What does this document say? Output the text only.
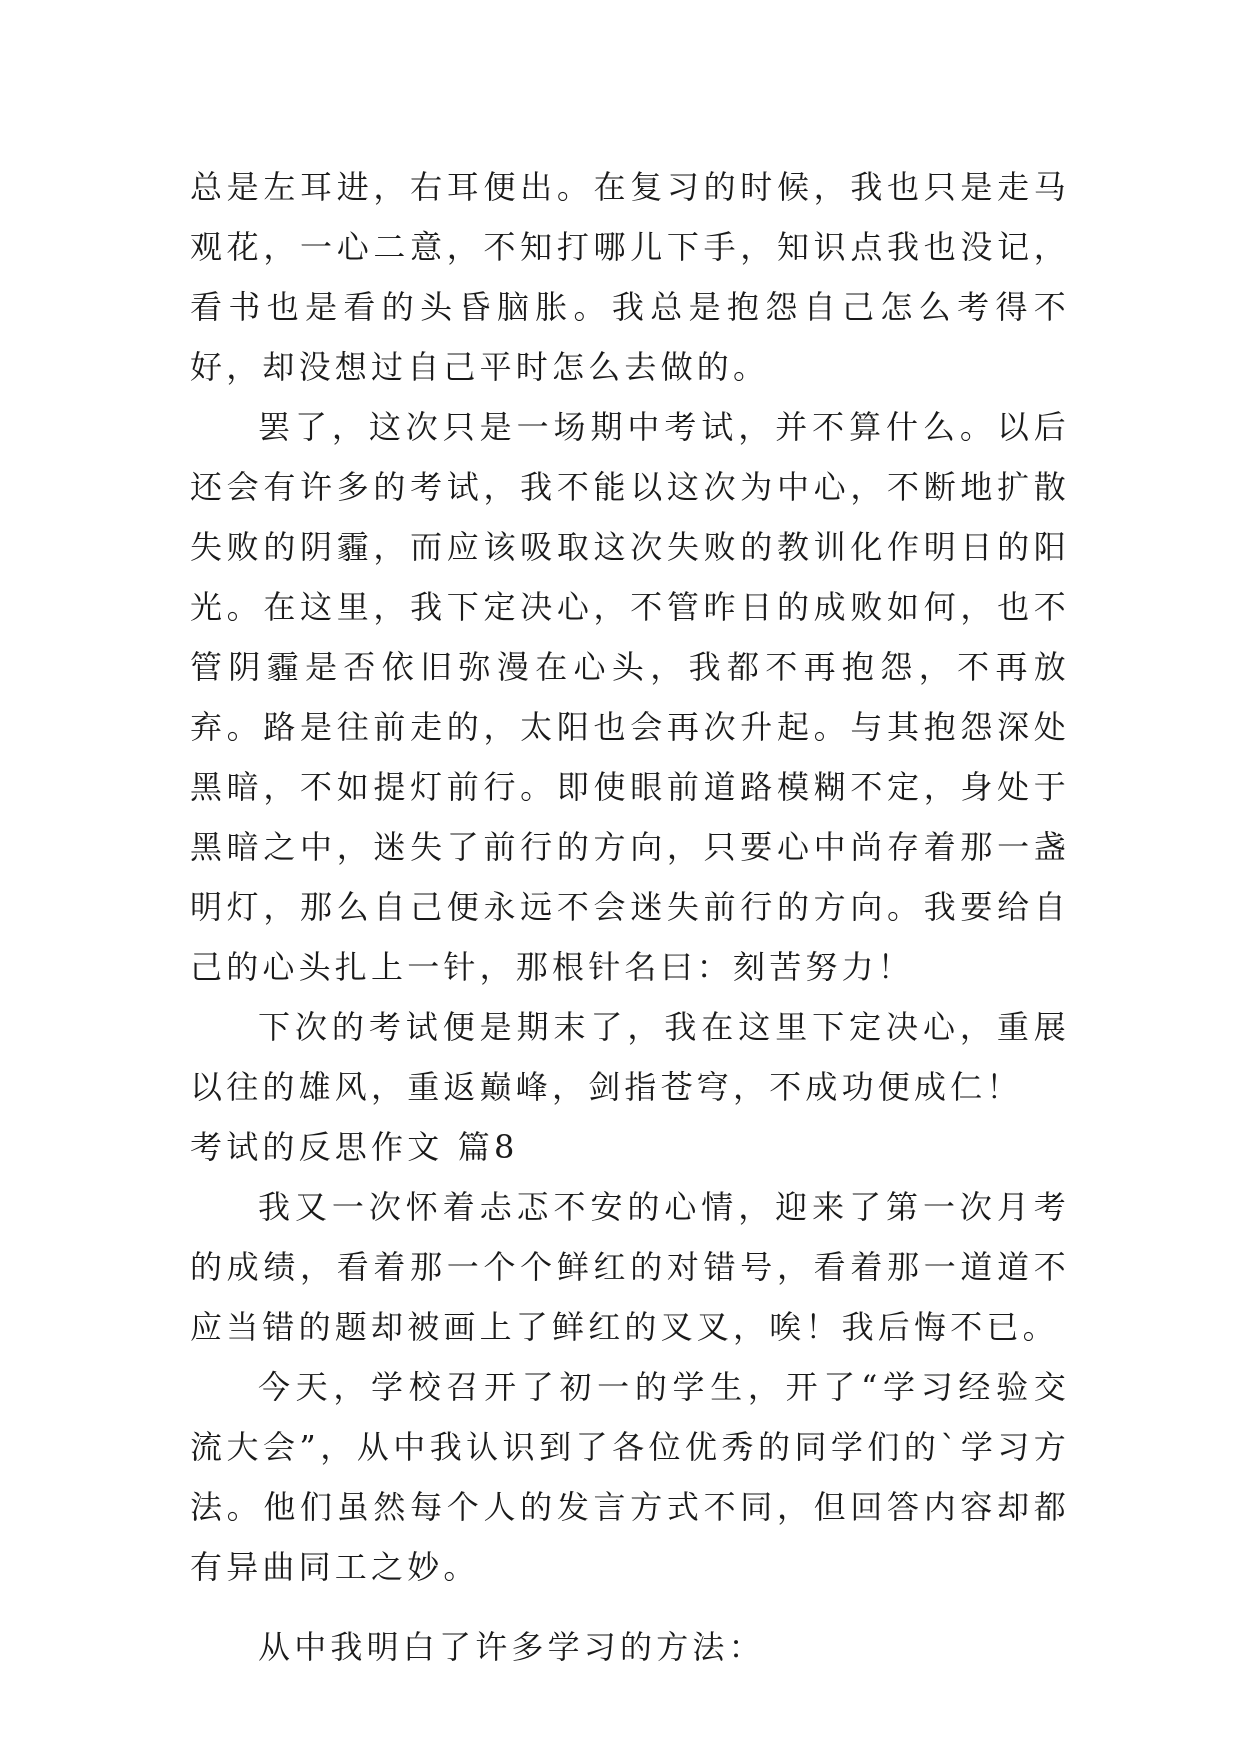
总是左耳进，右耳便出。在复习的时候，我也只是走马观花，一心二意，不知打哪儿下手，知识点我也没记，看书也是看的头昏脑胀。我总是抱怨自己怎么考得不好，却没想过自己平时怎么去做的。

罢了，这次只是一场期中考试，并不算什么。以后还会有许多的考试，我不能以这次为中心，不断地扩散失败的阴霾，而应该吸取这次失败的教训化作明日的阳光。在这里，我下定决心，不管昨日的成败如何，也不管阴霾是否依旧弥漫在心头，我都不再抱怨，不再放弃。路是往前走的，太阳也会再次升起。与其抱怨深处黑暗，不如提灯前行。即使眼前道路模糊不定，身处于黑暗之中，迷失了前行的方向，只要心中尚存着那一盏明灯，那么自己便永远不会迷失前行的方向。我要给自己的心头扎上一针，那根针名曰：刻苦努力！

下次的考试便是期末了，我在这里下定决心，重展以往的雄风，重返巅峰，剑指苍穹，不成功便成仁！

考试的反思作文 篇8

我又一次怀着忐忑不安的心情，迎来了第一次月考的成绩，看着那一个个鲜红的对错号，看着那一道道不应当错的题却被画上了鲜红的叉叉，唉！我后悔不已。

今天，学校召开了初一的学生，开了“学习经验交流大会”，从中我认识到了各位优秀的同学们的`学习方法。他们虽然每个人的发言方式不同，但回答内容却都有异曲同工之妙。

从中我明白了许多学习的方法：
